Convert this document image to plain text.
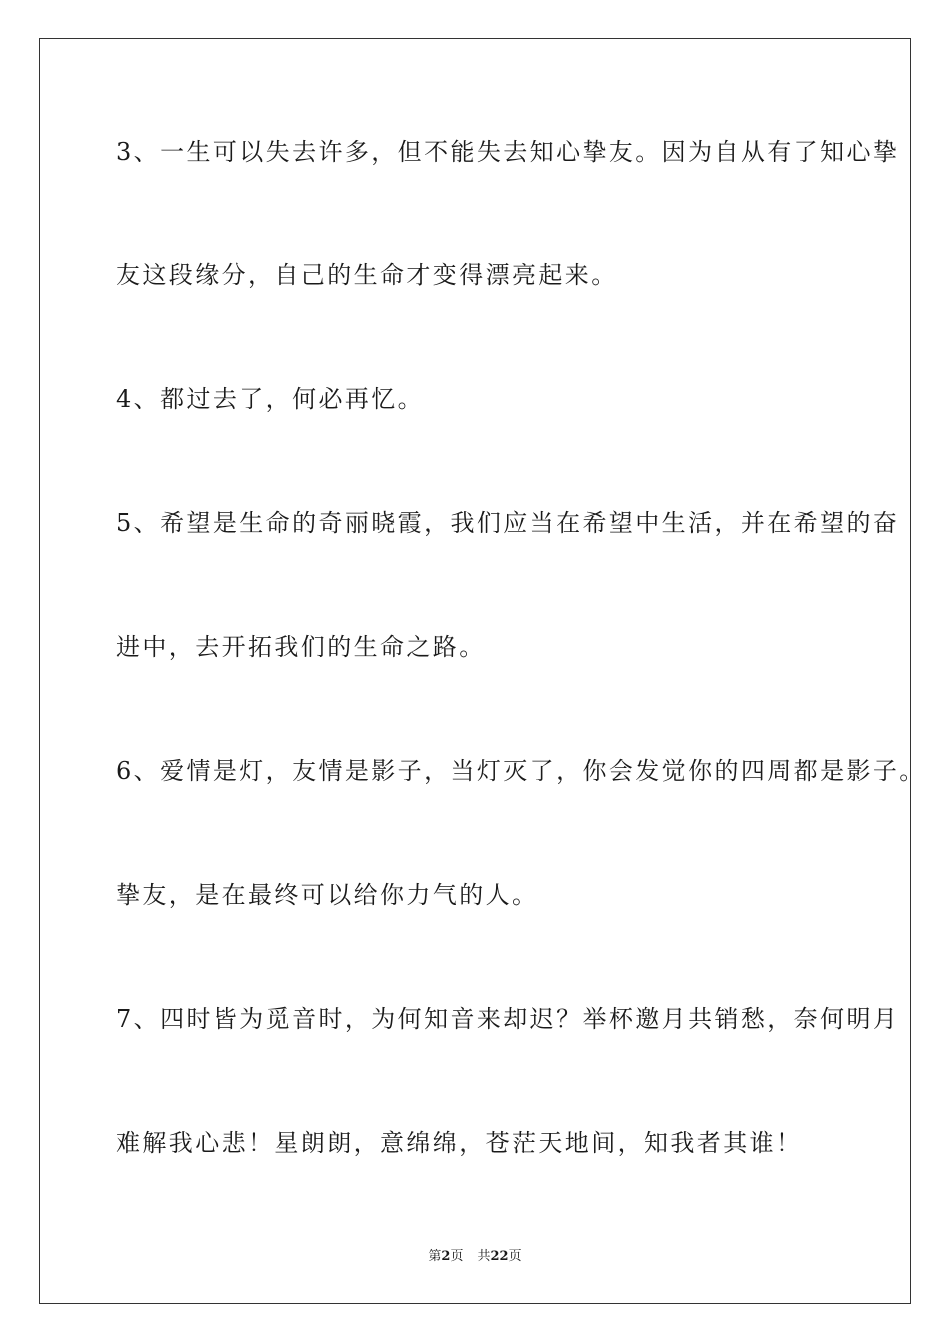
3、一生可以失去许多，但不能失去知心挚友。因为自从有了知心挚
友这段缘分，自己的生命才变得漂亮起来。
4、都过去了，何必再忆。
5、希望是生命的奇丽晓霞，我们应当在希望中生活，并在希望的奋
进中，去开拓我们的生命之路。
6、爱情是灯，友情是影子，当灯灭了，你会发觉你的四周都是影子。
挚友，是在最终可以给你力气的人。
7、四时皆为觅音时，为何知音来却迟？举杯邀月共销愁，奈何明月
难解我心悲！星朗朗，意绵绵，苍茫天地间，知我者其谁！
第2页 共22页
